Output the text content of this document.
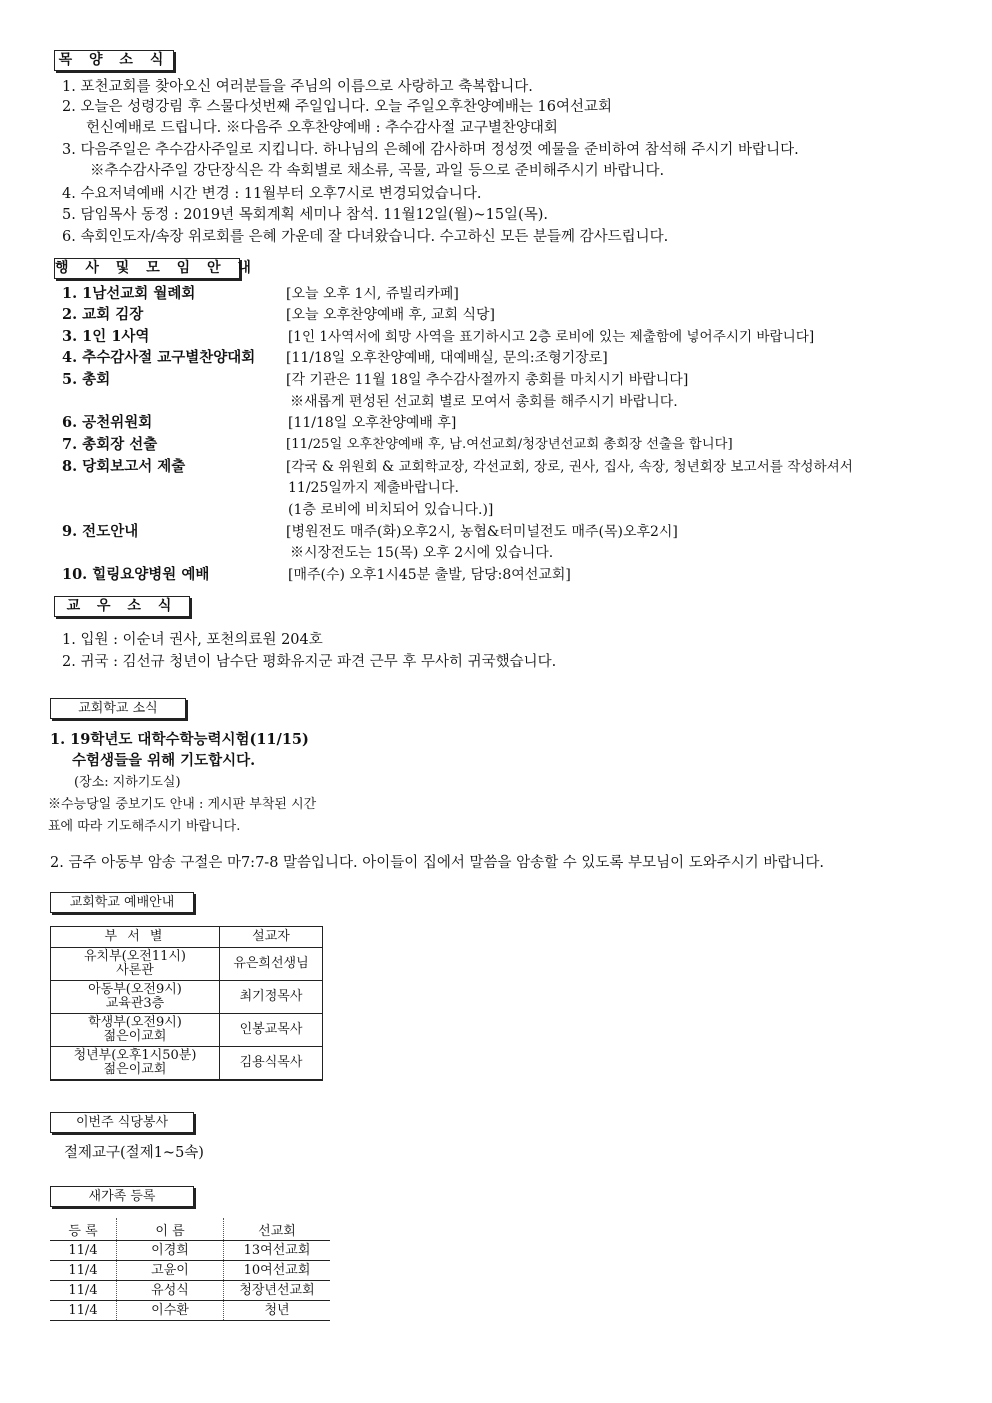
목 양 소 식
1. 포천교회를 찾아오신 여러분들을 주님의 이름으로 사랑하고 축복합니다.
2. 오늘은 성령강림 후 스물다섯번째 주일입니다. 오늘 주일오후찬양예배는 16여선교회
헌신예배로 드립니다. ※다음주 오후찬양예배 : 추수감사절 교구별찬양대회
3. 다음주일은 추수감사주일로 지킵니다. 하나님의 은혜에 감사하며 정성껏 예물을 준비하여 참석해 주시기 바랍니다.
※추수감사주일 강단장식은 각 속회별로 채소류, 곡물, 과일 등으로 준비해주시기 바랍니다.
4. 수요저녁예배 시간 변경 : 11월부터 오후7시로 변경되었습니다.
5. 담임목사 동정 : 2019년 목회계획 세미나 참석. 11월12일(월)~15일(목).
6. 속회인도자/속장 위로회를 은혜 가운데 잘 다녀왔습니다. 수고하신 모든 분들께 감사드립니다.
행 사 및 모 임 안 내
1. 1남선교회 월례회	[오늘 오후 1시, 쥬빌리카페]
2. 교회 김장	[오늘 오후찬양예배 후, 교회 식당]
3. 1인 1사역	[1인 1사역서에 희망 사역을 표기하시고 2층 로비에 있는 제출함에 넣어주시기 바랍니다]
4. 추수감사절 교구별찬양대회 [11/18일 오후찬양예배, 대예배실, 문의:조형기장로]
5. 총회	[각 기관은 11월 18일 추수감사절까지 총회를 마치시기 바랍니다]
※새롭게 편성된 선교회 별로 모여서 총회를 해주시기 바랍니다.
6. 공천위원회	[11/18일 오후찬양예배 후]
7. 총회장 선출	[11/25일 오후찬양예배 후, 남.여선교회/청장년선교회 총회장 선출을 합니다]
8. 당회보고서 제출	[각국 & 위원회 & 교회학교장, 각선교회, 장로, 권사, 집사, 속장, 청년회장 보고서를 작성하셔서
11/25일까지 제출바랍니다.
(1층 로비에 비치되어 있습니다.)]
9. 전도안내	[병원전도 매주(화)오후2시, 농협&터미널전도 매주(목)오후2시]
※시장전도는 15(목) 오후 2시에 있습니다.
10. 힐링요양병원 예배	[매주(수) 오후1시45분 출발, 담당:8여선교회]
교 우 소 식
1. 입원 : 이순녀 권사, 포천의료원 204호
2. 귀국 : 김선규 청년이 남수단 평화유지군 파견 근무 후 무사히 귀국했습니다.
교회학교 소식
1. 19학년도 대학수학능력시험(11/15)
수험생들을 위해 기도합시다.
(장소: 지하기도실)
※수능당일 중보기도 안내 : 게시판 부착된 시간
표에 따라 기도해주시기 바랍니다.
2. 금주 아동부 암송 구절은 마7:7-8 말씀입니다. 아이들이 집에서 말씀을 암송할 수 있도록 부모님이 도와주시기 바랍니다.
교회학교 예배안내
부 서 별	설교자

유치부(오전11시)
사론관	유은희선생님

아동부(오전9시)
교육관3층	최기정목사

학생부(오전9시)
젊은이교회	인봉교목사

청년부(오후1시50분)
젊은이교회	김용식목사
이번주 식당봉사
절제교구(절제1~5속)
새가족 등록
등 록	이 름	선교회
11/4	이경희	13여선교회
11/4	고윤이	10여선교회
11/4	유성식	청장년선교회
11/4	이수환	청년
